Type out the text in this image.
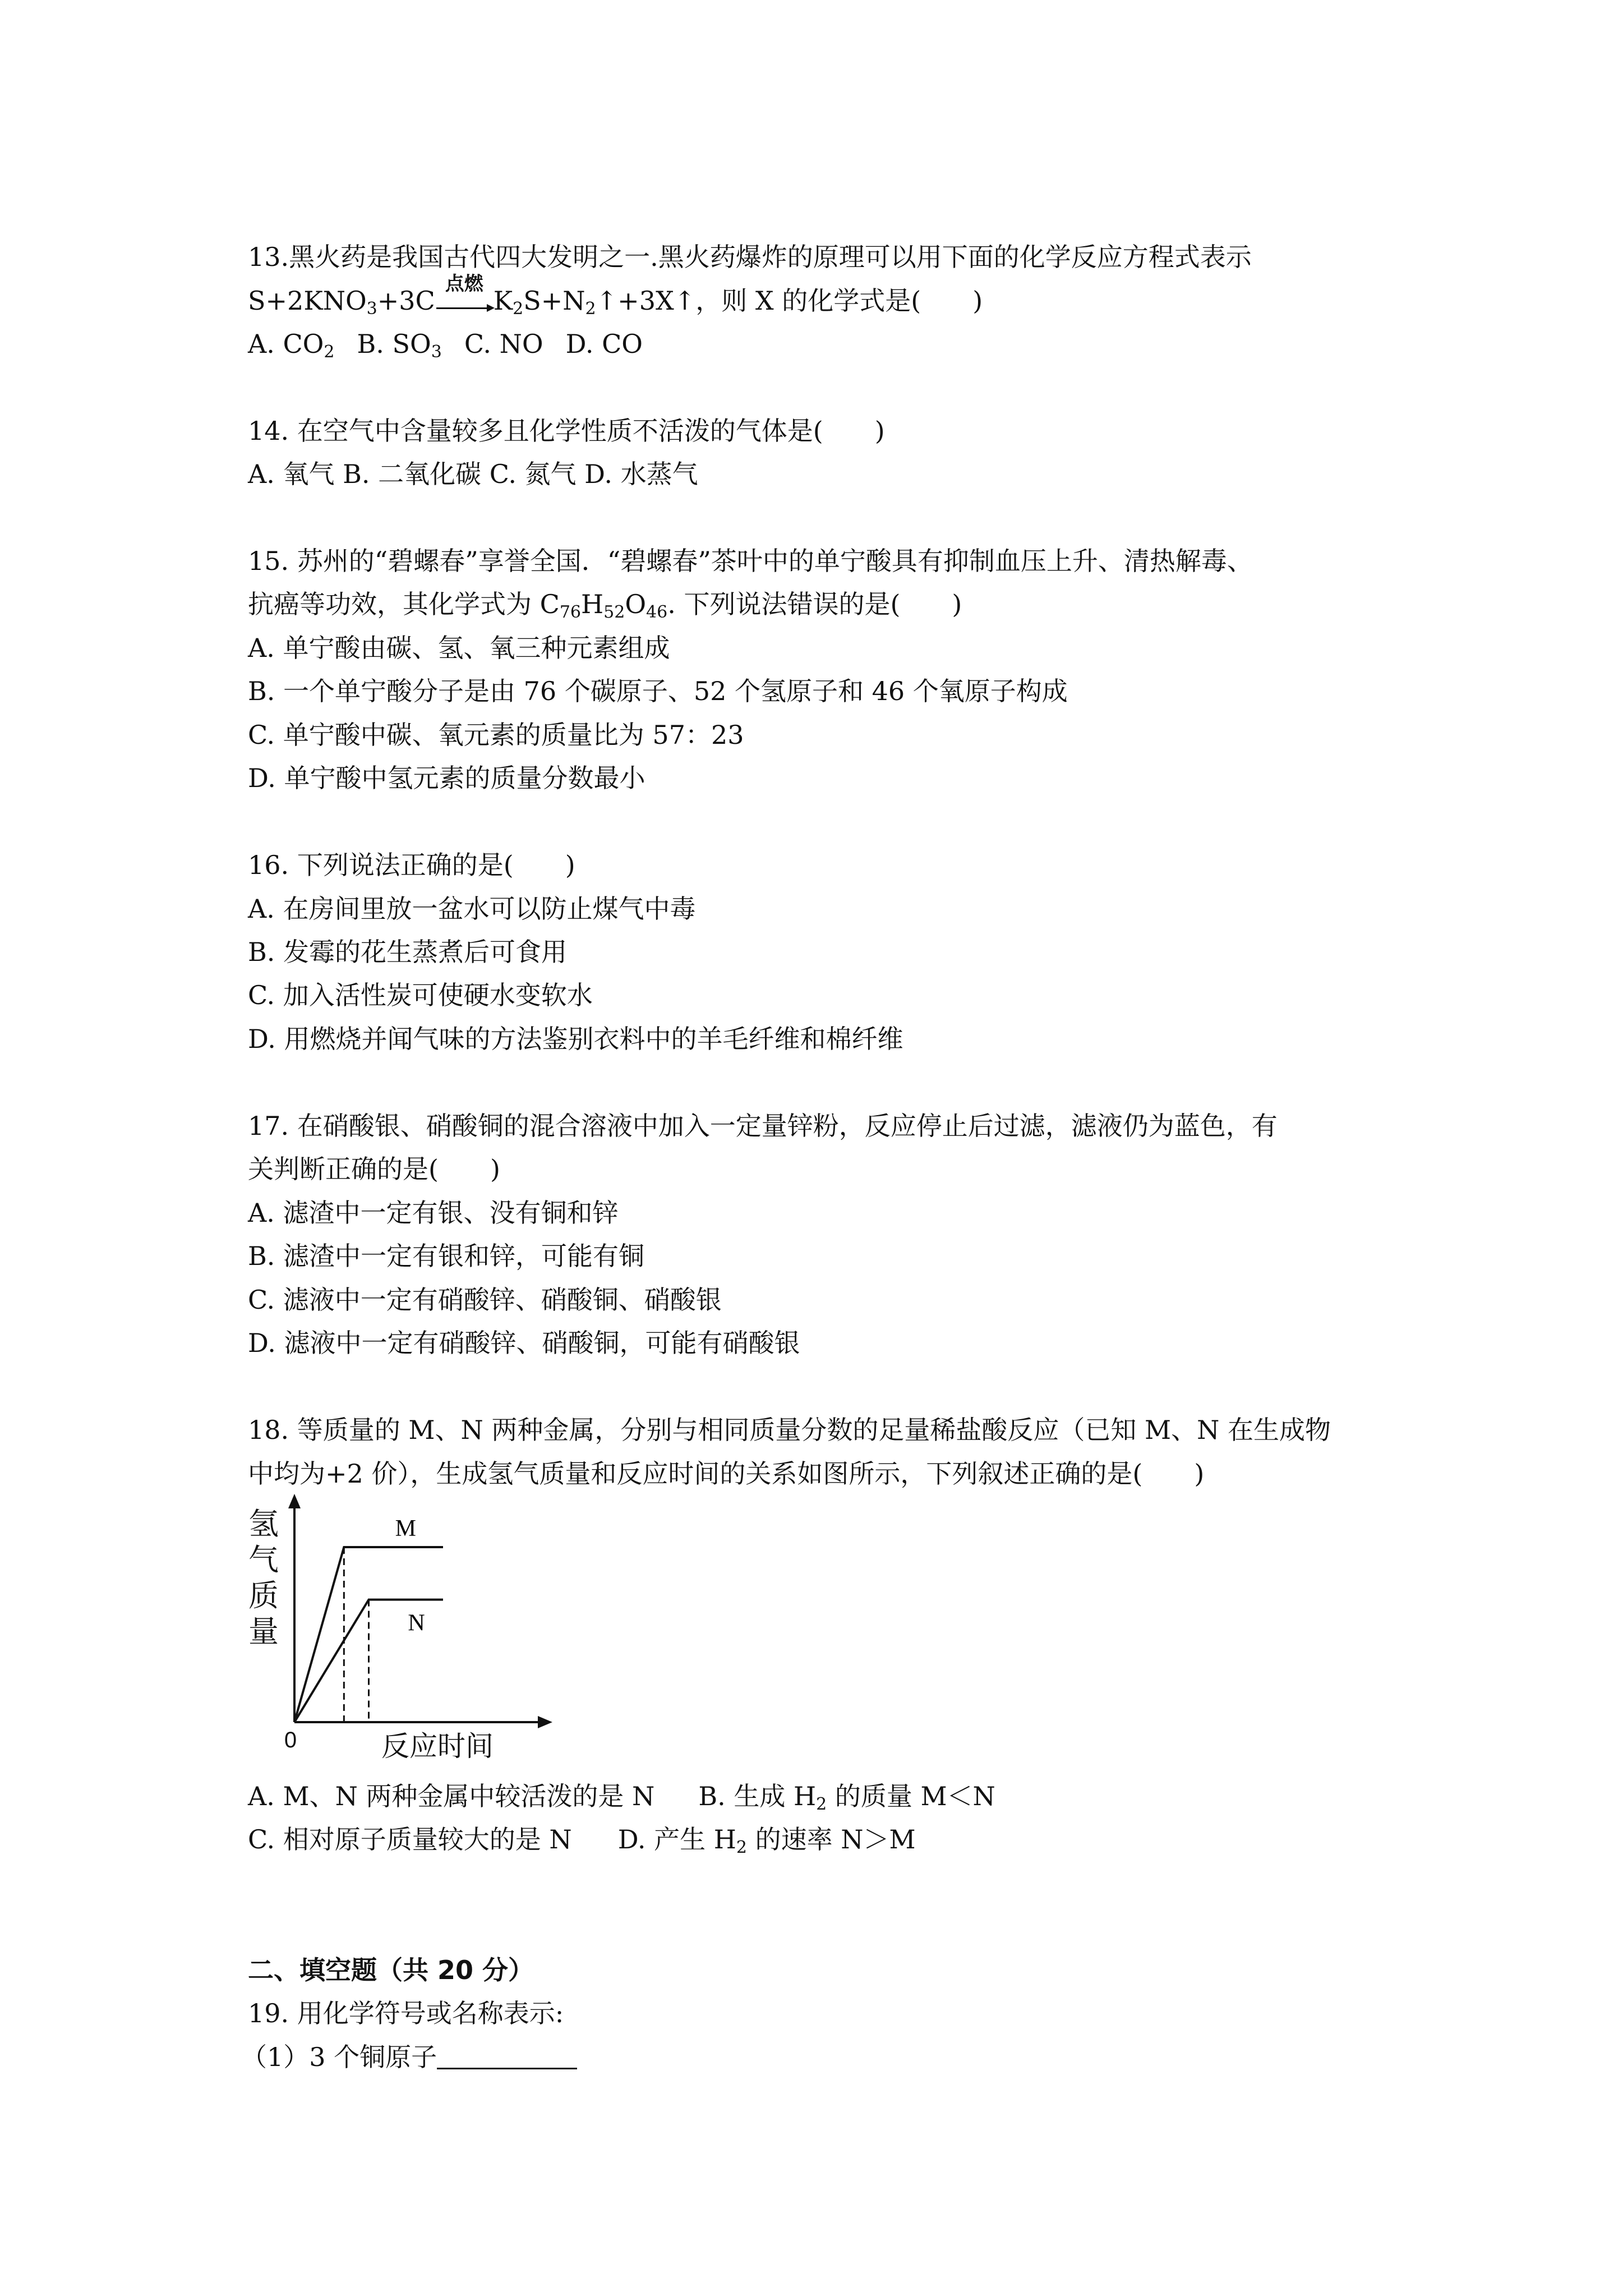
13.黑火药是我国古代四大发明之一.黑火药爆炸的原理可以用下面的化学反应方程式表示
$S+2KNO_3+3C$
点燃
$K_2S+N_2↑+3X↑$，则 X 的化学式是(　　)
A. $CO_2$ B. $SO_3$ C. NO D. CO
14. 在空气中含量较多且化学性质不活泼的气体是(　　)
A. 氧气 B. 二氧化碳 C. 氮气 D. 水蒸气
15. 苏州的“碧螺春”享誉全国．“碧螺春”茶叶中的单宁酸具有抑制血压上升、清热解毒、
抗癌等功效，其化学式为 $C_{76}H_{52}O_{46}$. 下列说法错误的是(　　)
A. 单宁酸由碳、氢、氧三种元素组成
B. 一个单宁酸分子是由 76 个碳原子、52 个氢原子和 46 个氧原子构成
C. 单宁酸中碳、氧元素的质量比为 57：23
D. 单宁酸中氢元素的质量分数最小
16. 下列说法正确的是(　　)
A. 在房间里放一盆水可以防止煤气中毒
B. 发霉的花生蒸煮后可食用
C. 加入活性炭可使硬水变软水
D. 用燃烧并闻气味的方法鉴别衣料中的羊毛纤维和棉纤维
17. 在硝酸银、硝酸铜的混合溶液中加入一定量锌粉，反应停止后过滤，滤液仍为蓝色，有
关判断正确的是(　　)
A. 滤渣中一定有银、没有铜和锌
B. 滤渣中一定有银和锌，可能有铜
C. 滤液中一定有硝酸锌、硝酸铜、硝酸银
D. 滤液中一定有硝酸锌、硝酸铜，可能有硝酸银
18. 等质量的 M、N 两种金属，分别与相同质量分数的足量稀盐酸反应（已知 M、N 在生成物
中均为+2 价），生成氢气质量和反应时间的关系如图所示，下列叙述正确的是(　　)
氢气质量
反应时间
0
M
N
A. M、N 两种金属中较活泼的是 N B. 生成 $H_2$ 的质量 M＜N
C. 相对原子质量较大的是 N D. 产生 $H_2$ 的速率 N＞M
二、填空题（共 20 分）
19. 用化学符号或名称表示:
（1）3 个铜原子
